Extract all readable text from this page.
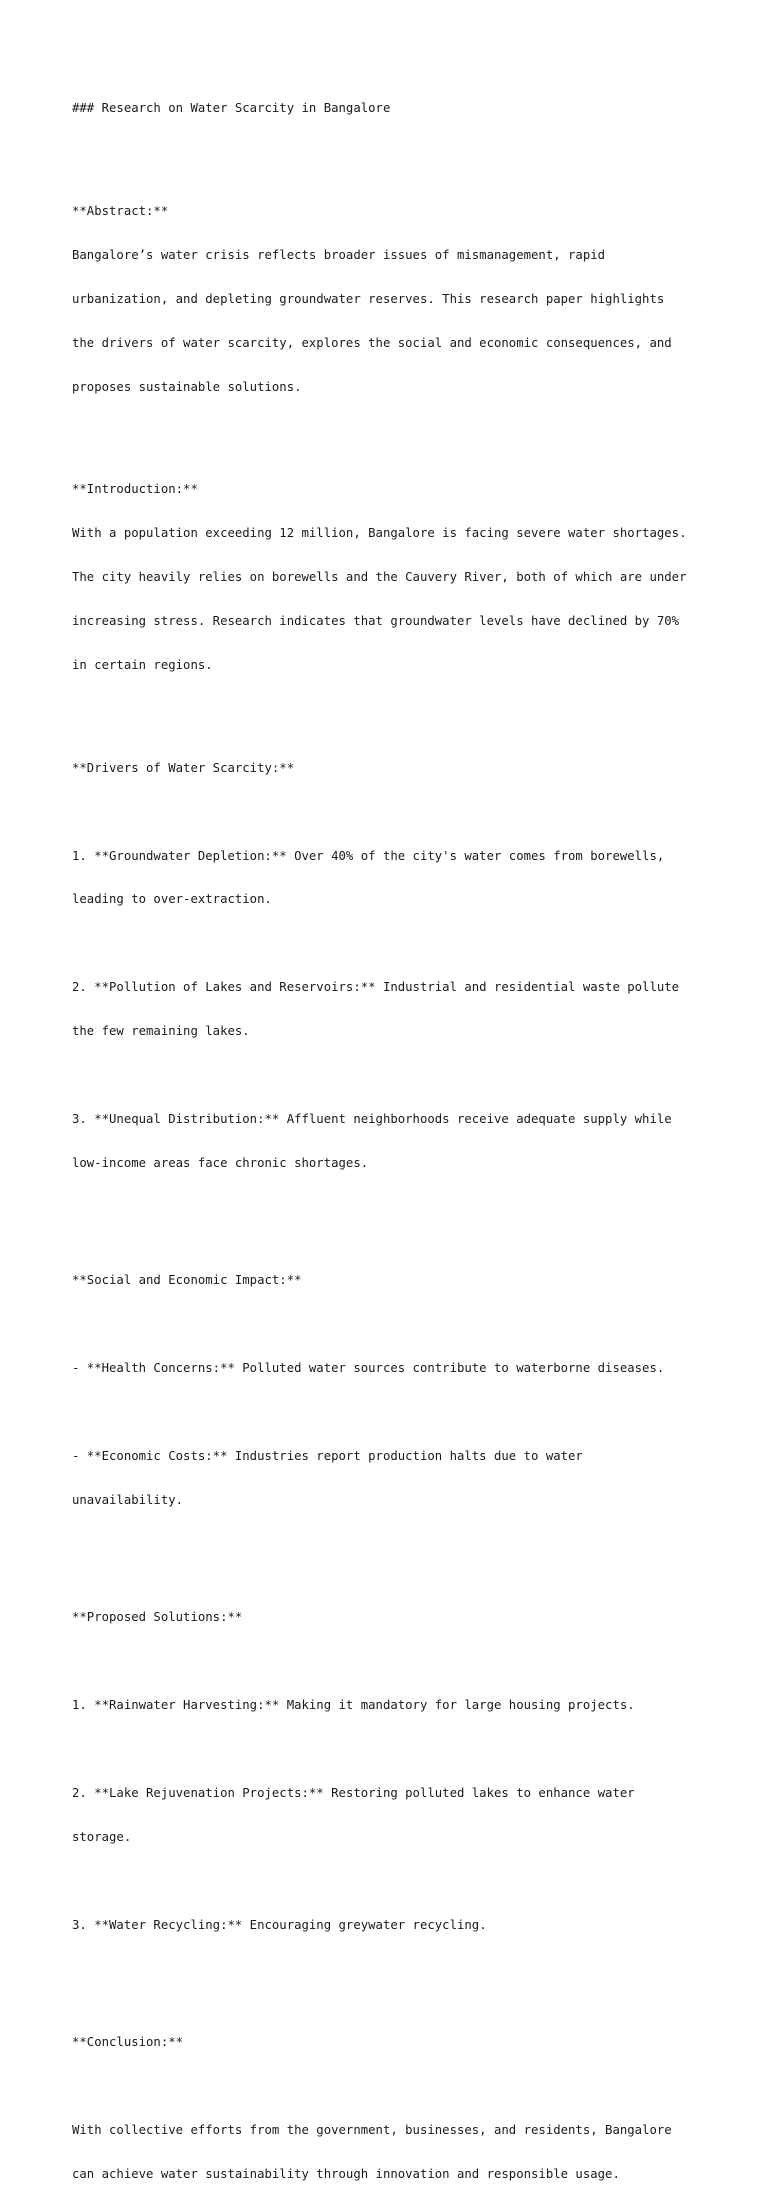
### Research on Water Scarcity in Bangalore

**Abstract:**

Bangalore’s water crisis reflects broader issues of mismanagement, rapid

urbanization, and depleting groundwater reserves. This research paper highlights

the drivers of water scarcity, explores the social and economic consequences, and

proposes sustainable solutions.

**Introduction:**

With a population exceeding 12 million, Bangalore is facing severe water shortages.

The city heavily relies on borewells and the Cauvery River, both of which are under

increasing stress. Research indicates that groundwater levels have declined by 70%

in certain regions.

**Drivers of Water Scarcity:**

1. **Groundwater Depletion:** Over 40% of the city's water comes from borewells,

leading to over-extraction.

2. **Pollution of Lakes and Reservoirs:** Industrial and residential waste pollute

the few remaining lakes.

3. **Unequal Distribution:** Affluent neighborhoods receive adequate supply while

low-income areas face chronic shortages.

**Social and Economic Impact:**

- **Health Concerns:** Polluted water sources contribute to waterborne diseases.

- **Economic Costs:** Industries report production halts due to water

unavailability.

**Proposed Solutions:**

1. **Rainwater Harvesting:** Making it mandatory for large housing projects.

2. **Lake Rejuvenation Projects:** Restoring polluted lakes to enhance water

storage.

3. **Water Recycling:** Encouraging greywater recycling.

**Conclusion:**

With collective efforts from the government, businesses, and residents, Bangalore

can achieve water sustainability through innovation and responsible usage.
